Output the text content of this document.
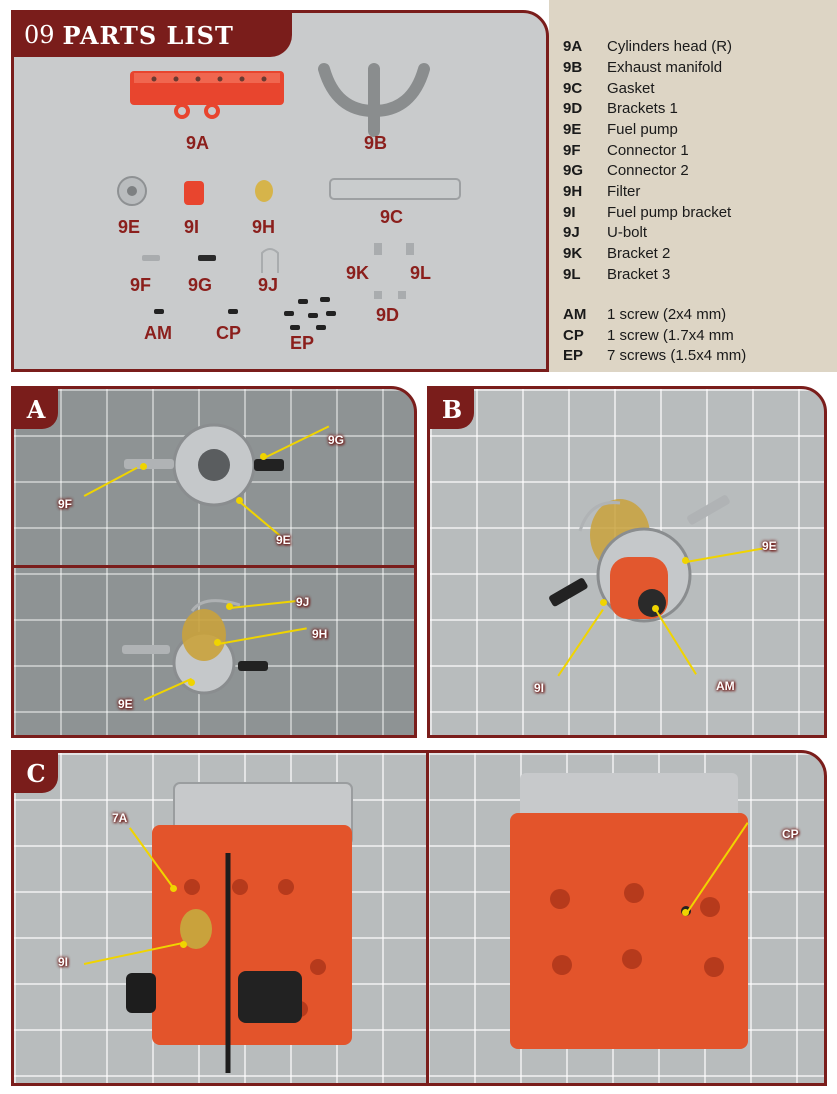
09 PARTS LIST
9A	9B
9E 9I	9H	9C
9F 9G	9J
9K 9L
AM CP	EP
9D
9A Cylinders head (R)
9B Exhaust manifold
9C Gasket
9D Brackets 1
9E Fuel pump
9F Connector 1
9G Connector 2
9H Filter
9I Fuel pump bracket
9J U-bolt
9K Bracket 2
9L Bracket 3
AM 1 screw (2x4 mm)
CP 1 screw (1.7x4 mm
EP 7 screws (1.5x4 mm)
A
9G
9F
9E
9J
9H
9E
B
9E
9I	AM
C
7A
9I
CP
